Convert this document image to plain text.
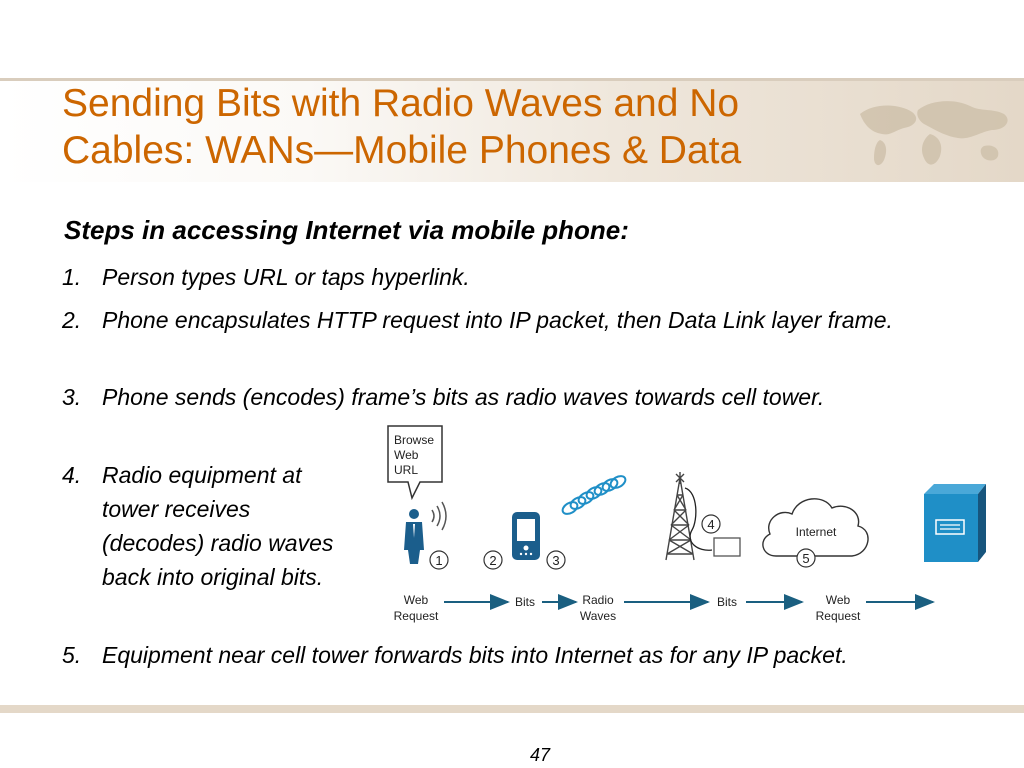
Sending Bits with Radio Waves and No
Cables: WANs—Mobile Phones & Data
Steps in accessing Internet via mobile phone:
1. Person types URL or taps hyperlink.
2. Phone encapsulates HTTP request into IP packet, then Data Link layer frame.
3. Phone sends (encodes) frame’s bits as radio waves towards cell tower.
4. Radio equipment at tower receives (decodes) radio waves back into original bits.
5. Equipment near cell tower forwards bits into Internet as for any IP packet.
Browse
Web
URL
1	2	3
4	Internet
5
Web
Request
Bits	Radio
Waves
Bits	Web
Request
47
